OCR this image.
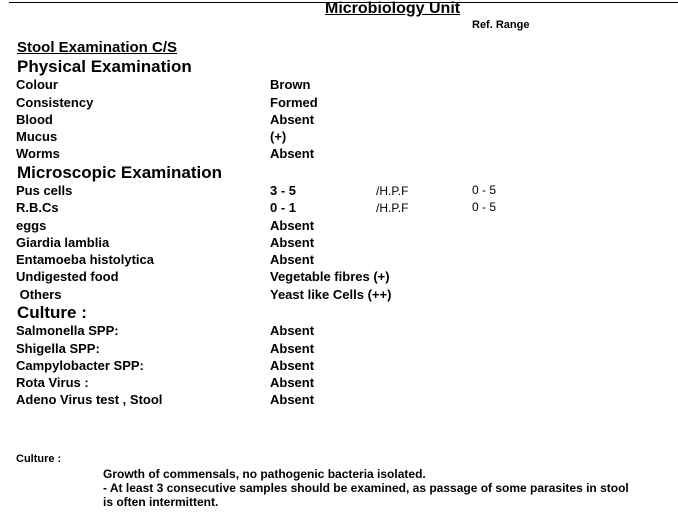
Microbiology Unit
Ref. Range
Stool Examination C/S
Physical Examination
Colour	Brown
Consistency	Formed
Blood	Absent
Mucus	(+)
Worms	Absent
Microscopic Examination
Pus cells	3 - 5	/H.P.F	0 - 5
R.B.Cs	0 - 1	/H.P.F	0 - 5
eggs	Absent
Giardia lamblia	Absent
Entamoeba histolytica	Absent
Undigested food	Vegetable fibres (+)
Others	Yeast like Cells (++)
Culture :
Salmonella SPP:	Absent
Shigella SPP:	Absent
Campylobacter SPP:	Absent
Rota Virus :	Absent
Adeno Virus test , Stool	Absent
Culture :
Growth of commensals, no pathogenic bacteria isolated.
- At least 3 consecutive samples should be examined, as passage of some parasites in stool
is often intermittent.
